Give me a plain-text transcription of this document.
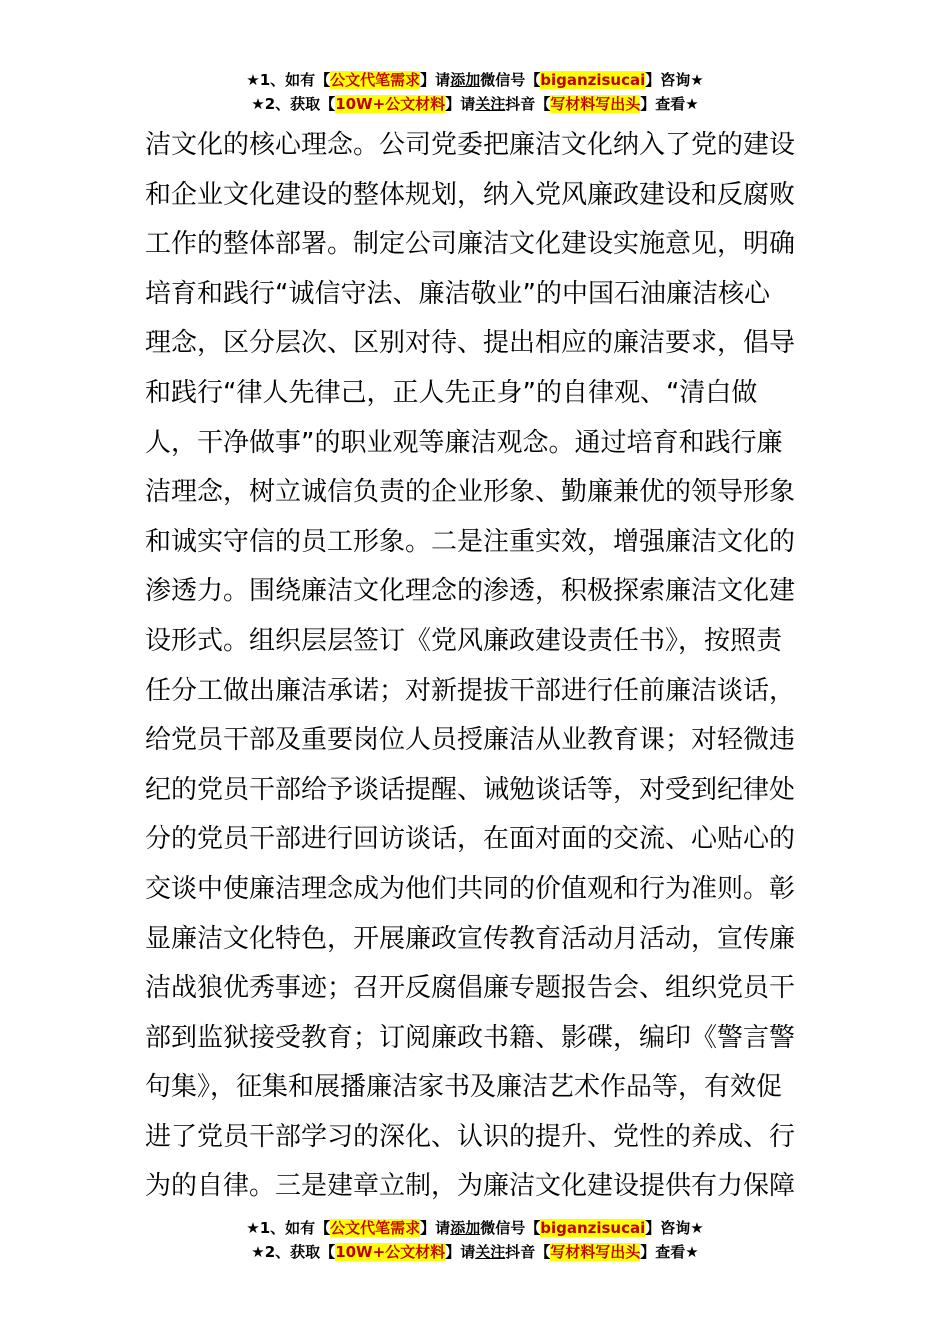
★1、如有【公文代笔需求】请添加微信号【biganzisucai】咨询★
★2、获取【10W+公文材料】请关注抖音【写材料写出头】查看★
洁文化的核心理念。公司党委把廉洁文化纳入了党的建设
和企业文化建设的整体规划，纳入党风廉政建设和反腐败
工作的整体部署。制定公司廉洁文化建设实施意见，明确
培育和践行“诚信守法、廉洁敬业”的中国石油廉洁核心
理念，区分层次、区别对待、提出相应的廉洁要求，倡导
和践行“律人先律己，正人先正身”的自律观、“清白做
人，干净做事”的职业观等廉洁观念。通过培育和践行廉
洁理念，树立诚信负责的企业形象、勤廉兼优的领导形象
和诚实守信的员工形象。二是注重实效，增强廉洁文化的
渗透力。围绕廉洁文化理念的渗透，积极探索廉洁文化建
设形式。组织层层签订《党风廉政建设责任书》，按照责
任分工做出廉洁承诺；对新提拔干部进行任前廉洁谈话，
给党员干部及重要岗位人员授廉洁从业教育课；对轻微违
纪的党员干部给予谈话提醒、诫勉谈话等，对受到纪律处
分的党员干部进行回访谈话，在面对面的交流、心贴心的
交谈中使廉洁理念成为他们共同的价值观和行为准则。彰
显廉洁文化特色，开展廉政宣传教育活动月活动，宣传廉
洁战狼优秀事迹；召开反腐倡廉专题报告会、组织党员干
部到监狱接受教育；订阅廉政书籍、影碟，编印《警言警
句集》，征集和展播廉洁家书及廉洁艺术作品等，有效促
进了党员干部学习的深化、认识的提升、党性的养成、行
为的自律。三是建章立制，为廉洁文化建设提供有力保障
★1、如有【公文代笔需求】请添加微信号【biganzisucai】咨询★
★2、获取【10W+公文材料】请关注抖音【写材料写出头】查看★
